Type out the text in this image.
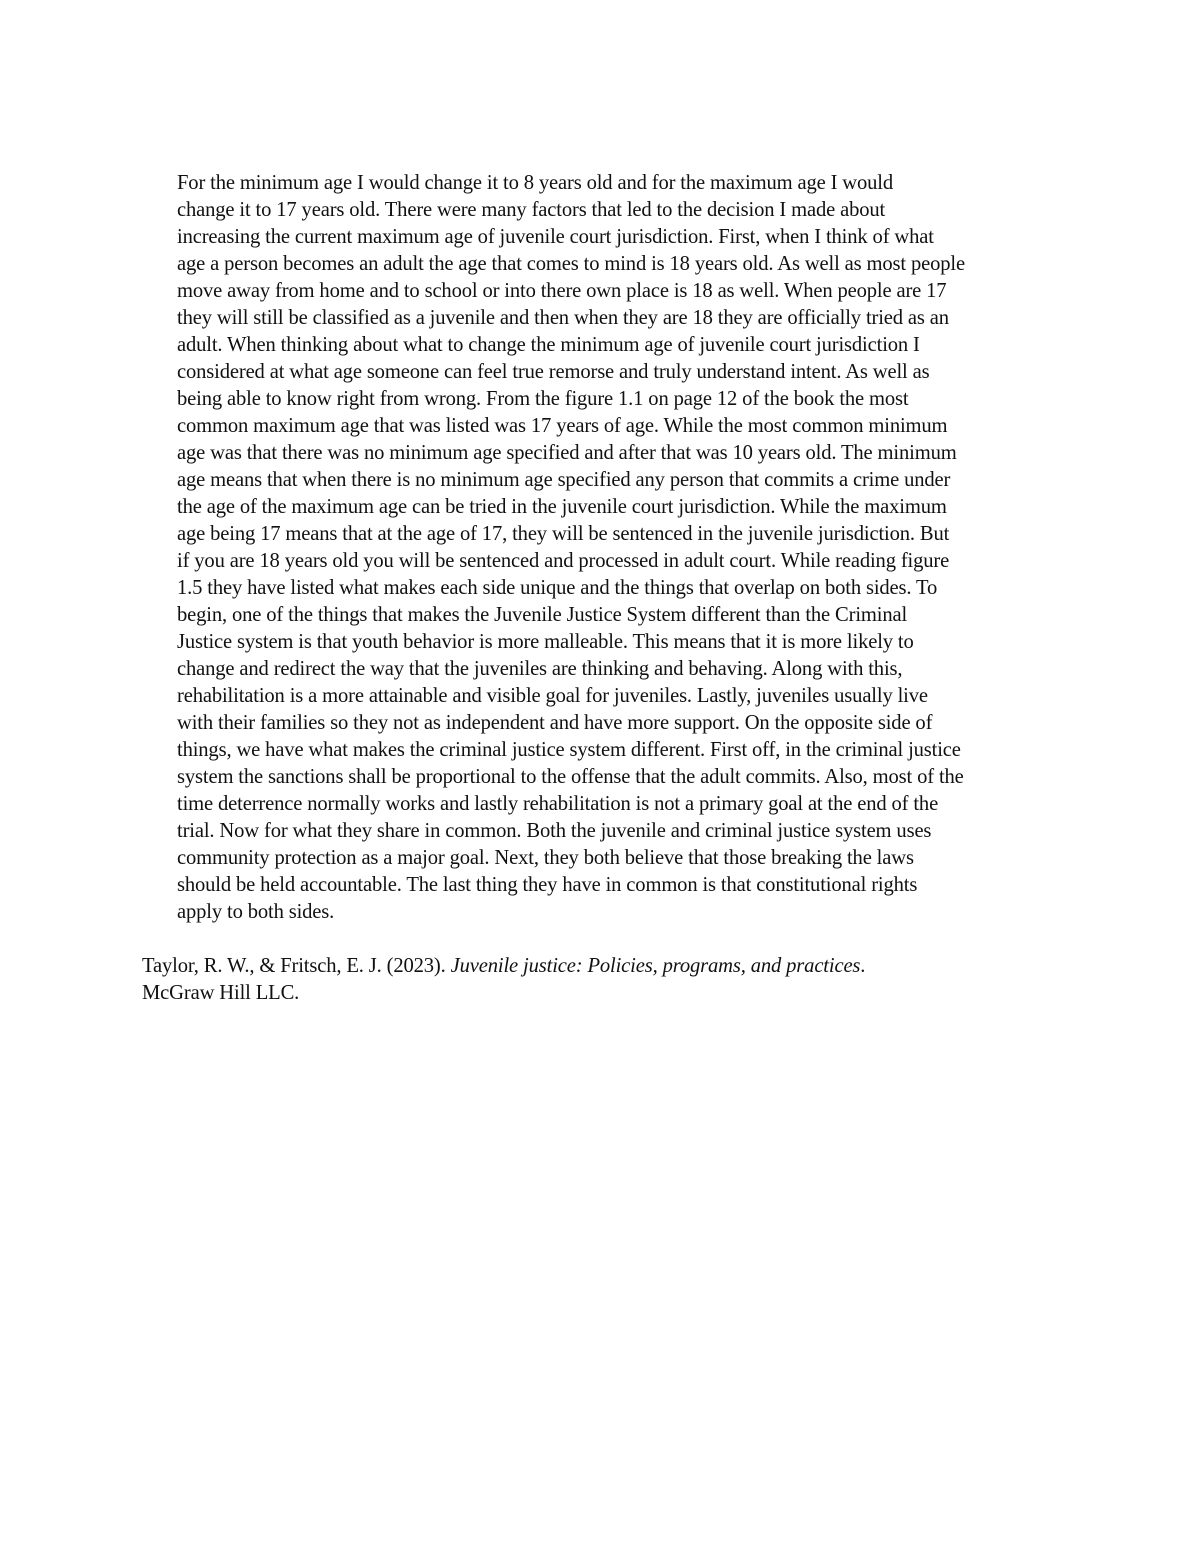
For the minimum age I would change it to 8 years old and for the maximum age I would
change it to 17 years old. There were many factors that led to the decision I made about
increasing the current maximum age of juvenile court jurisdiction. First, when I think of what
age a person becomes an adult the age that comes to mind is 18 years old. As well as most people
move away from home and to school or into there own place is 18 as well. When people are 17
they will still be classified as a juvenile and then when they are 18 they are officially tried as an
adult. When thinking about what to change the minimum age of juvenile court jurisdiction I
considered at what age someone can feel true remorse and truly understand intent. As well as
being able to know right from wrong. From the figure 1.1 on page 12 of the book the most
common maximum age that was listed was 17 years of age. While the most common minimum
age was that there was no minimum age specified and after that was 10 years old. The minimum
age means that when there is no minimum age specified any person that commits a crime under
the age of the maximum age can be tried in the juvenile court jurisdiction. While the maximum
age being 17 means that at the age of 17, they will be sentenced in the juvenile jurisdiction. But
if you are 18 years old you will be sentenced and processed in adult court. While reading figure
1.5 they have listed what makes each side unique and the things that overlap on both sides. To
begin, one of the things that makes the Juvenile Justice System different than the Criminal
Justice system is that youth behavior is more malleable. This means that it is more likely to
change and redirect the way that the juveniles are thinking and behaving. Along with this,
rehabilitation is a more attainable and visible goal for juveniles. Lastly, juveniles usually live
with their families so they not as independent and have more support. On the opposite side of
things, we have what makes the criminal justice system different. First off, in the criminal justice
system the sanctions shall be proportional to the offense that the adult commits. Also, most of the
time deterrence normally works and lastly rehabilitation is not a primary goal at the end of the
trial. Now for what they share in common. Both the juvenile and criminal justice system uses
community protection as a major goal. Next, they both believe that those breaking the laws
should be held accountable. The last thing they have in common is that constitutional rights
apply to both sides.

Taylor, R. W., & Fritsch, E. J. (2023). Juvenile justice: Policies, programs, and practices.
McGraw Hill LLC.
